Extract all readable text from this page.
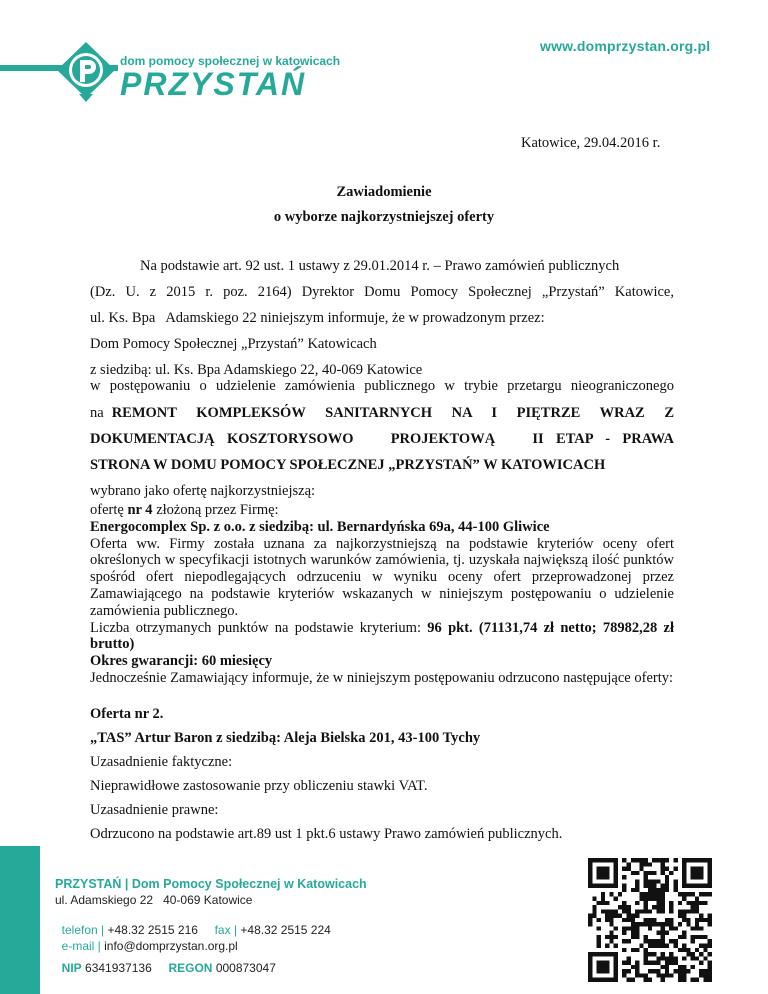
www.domprzystan.org.pl
dom pomocy społecznej w katowicach
PRZYSTAŃ
Katowice, 29.04.2016 r.
Zawiadomienie
o wyborze najkorzystniejszej oferty
Na podstawie art. 92 ust. 1 ustawy z 29.01.2014 r. – Prawo zamówień publicznych
(Dz. U. z 2015 r. poz. 2164) Dyrektor Domu Pomocy Społecznej „Przystań” Katowice,
ul. Ks. Bpa   Adamskiego 22 niniejszym informuje, że w prowadzonym przez:
Dom Pomocy Społecznej „Przystań” Katowicach
z siedzibą: ul. Ks. Bpa Adamskiego 22, 40-069 Katowice
w postępowaniu o udzielenie zamówienia publicznego w trybie przetargu nieograniczonego
na REMONT KOMPLEKSÓW SANITARNYCH NA I PIĘTRZE WRAZ Z
DOKUMENTACJĄ KOSZTORYSOWO   PROJEKTOWĄ   II ETAP - PRAWA
STRONA W DOMU POMOCY SPOŁECZNEJ „PRZYSTAŃ” W KATOWICACH
wybrano jako ofertę najkorzystniejszą:
ofertę nr 4 złożoną przez Firmę:
Energocomplex Sp. z o.o. z siedzibą: ul. Bernardyńska 69a, 44-100 Gliwice
Oferta ww. Firmy została uznana za najkorzystniejszą na podstawie kryteriów oceny ofert określonych w specyfikacji istotnych warunków zamówienia, tj. uzyskała największą ilość punktów spośród ofert niepodlegających odrzuceniu w wyniku oceny ofert przeprowadzonej przez Zamawiającego na podstawie kryteriów wskazanych w niniejszym postępowaniu o udzielenie zamówienia publicznego.
Liczba otrzymanych punktów na podstawie kryterium: 96 pkt. (71131,74 zł netto; 78982,28 zł brutto)
Okres gwarancji: 60 miesięcy
Jednocześnie Zamawiający informuje, że w niniejszym postępowaniu odrzucono następujące oferty:
Oferta nr 2.
„TAS” Artur Baron z siedzibą: Aleja Bielska 201, 43-100 Tychy
Uzasadnienie faktyczne:
Nieprawidłowe zastosowanie przy obliczeniu stawki VAT.
Uzasadnienie prawne:
Odrzucono na podstawie art.89 ust 1 pkt.6 ustawy Prawo zamówień publicznych.
PRZYSTAŃ | Dom Pomocy Społecznej w Katowicach
ul. Adamskiego 22   40-069 Katowice

telefon | +48.32 2515 216 fax | +48.32 2515 224

e-mail | info@domprzystan.org.pl

NIP 6341937136 REGON 000873047
